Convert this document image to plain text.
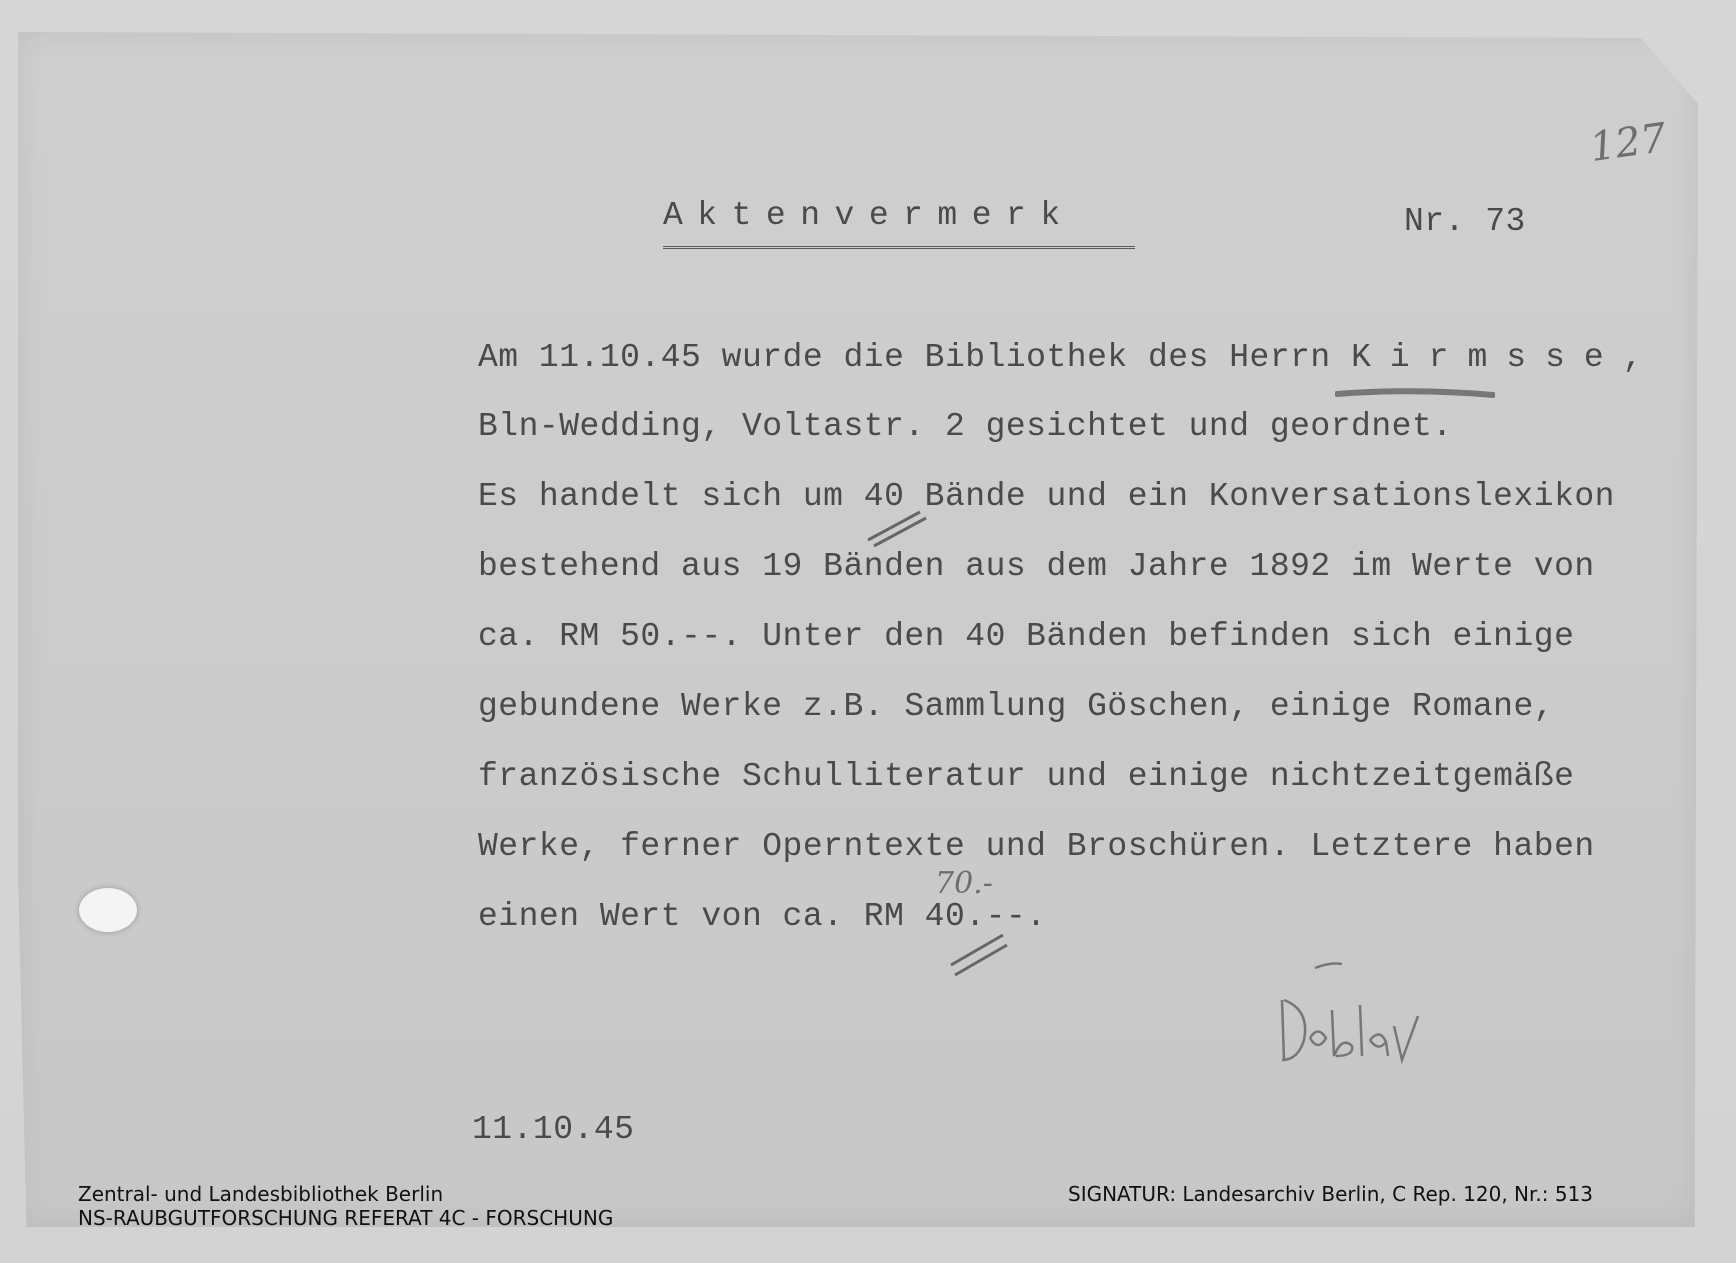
127
Aktenvermerk	Nr. 73
Am 11.10.45 wurde die Bibliothek des Herrn Kirmsse,
Bln-Wedding, Voltastr. 2 gesichtet und geordnet.
Es handelt sich um 40 Bände und ein Konversationslexikon
bestehend aus 19 Bänden aus dem Jahre 1892 im Werte von
ca. RM 50.--. Unter den 40 Bänden befinden sich einige
gebundene Werke z.B. Sammlung Göschen, einige Romane,
französische Schulliteratur und einige nichtzeitgemäße
Werke, ferner Operntexte und Broschüren. Letztere haben
70.-
einen Wert von ca. RM 40.--.
11.10.45
Zentral- und Landesbibliothek Berlin
NS-RAUBGUTFORSCHUNG REFERAT 4C - FORSCHUNG
SIGNATUR: Landesarchiv Berlin, C Rep. 120, Nr.: 513
